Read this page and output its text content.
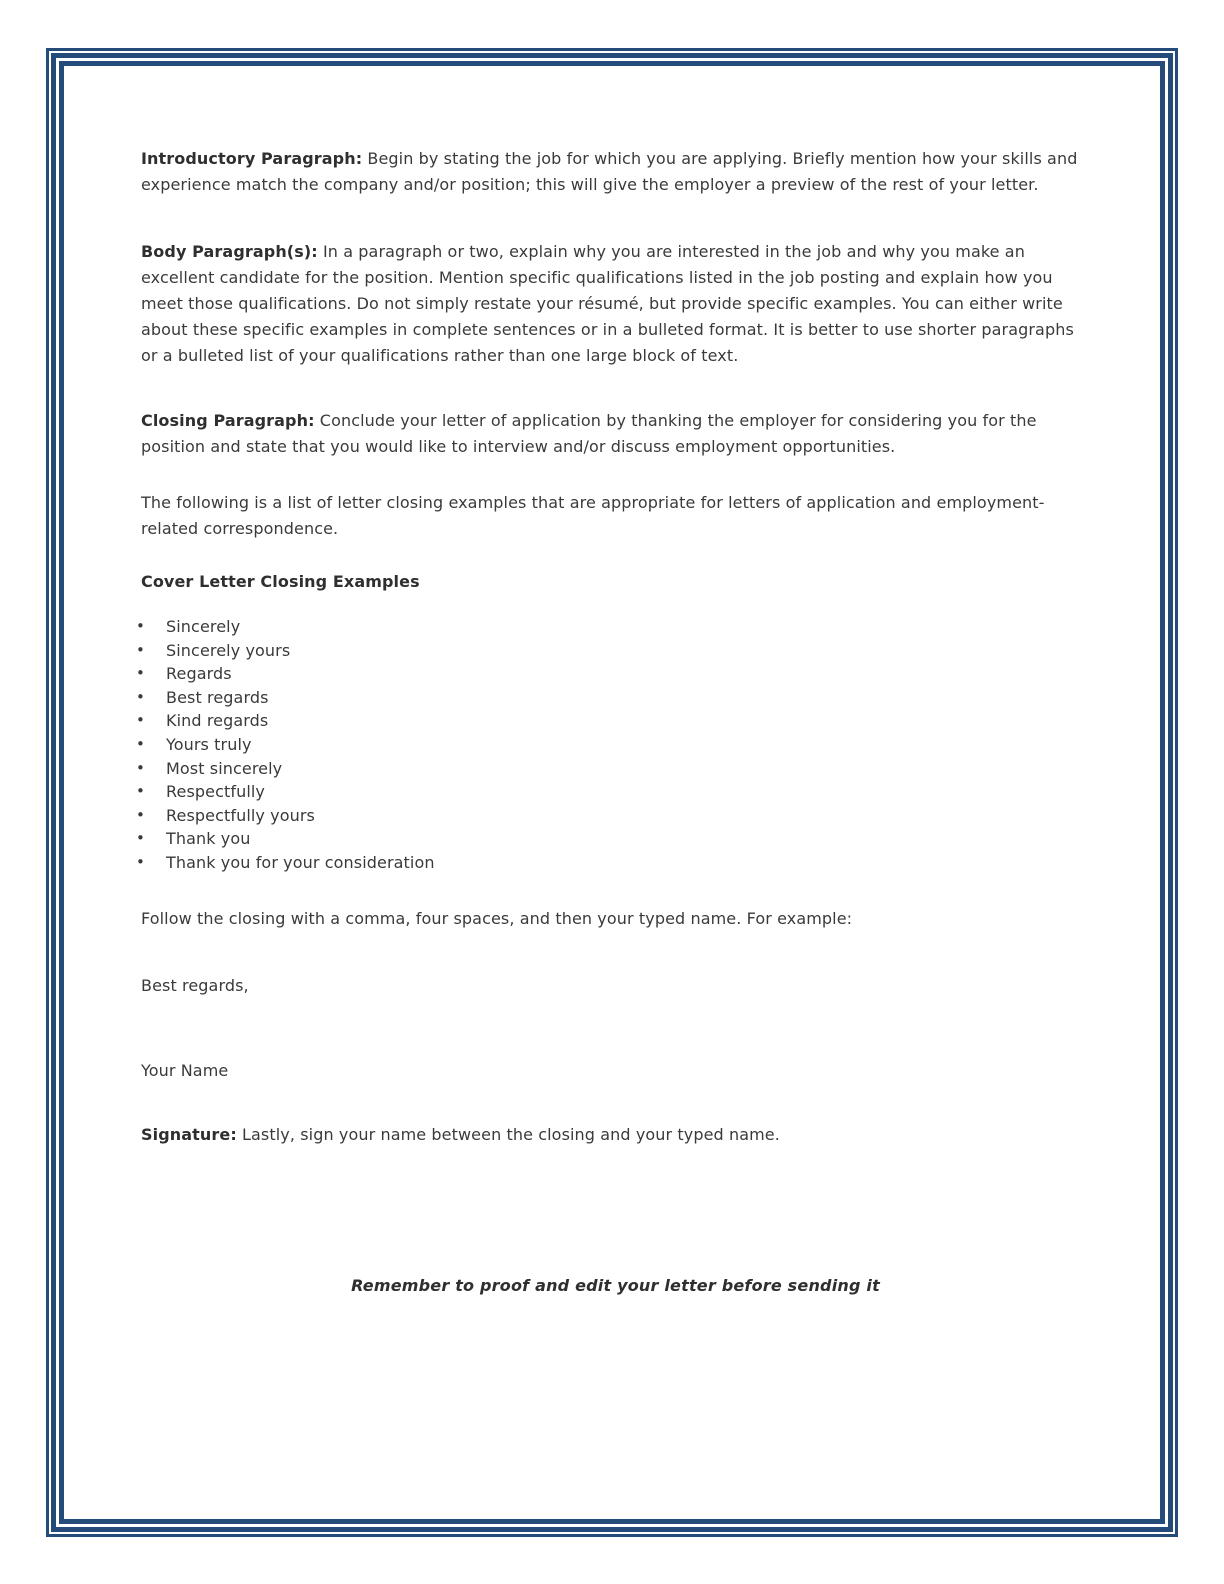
Introductory Paragraph: Begin by stating the job for which you are applying. Briefly mention how your skills and experience match the company and/or position; this will give the employer a preview of the rest of your letter.

Body Paragraph(s): In a paragraph or two, explain why you are interested in the job and why you make an excellent candidate for the position. Mention specific qualifications listed in the job posting and explain how you meet those qualifications. Do not simply restate your résumé, but provide specific examples. You can either write about these specific examples in complete sentences or in a bulleted format. It is better to use shorter paragraphs or a bulleted list of your qualifications rather than one large block of text.

Closing Paragraph: Conclude your letter of application by thanking the employer for considering you for the position and state that you would like to interview and/or discuss employment opportunities.

The following is a list of letter closing examples that are appropriate for letters of application and employment-related correspondence.

Cover Letter Closing Examples

• Sincerely
• Sincerely yours
• Regards
• Best regards
• Kind regards
• Yours truly
• Most sincerely
• Respectfully
• Respectfully yours
• Thank you
• Thank you for your consideration

Follow the closing with a comma, four spaces, and then your typed name. For example:

Best regards,

Your Name

Signature: Lastly, sign your name between the closing and your typed name.

Remember to proof and edit your letter before sending it
